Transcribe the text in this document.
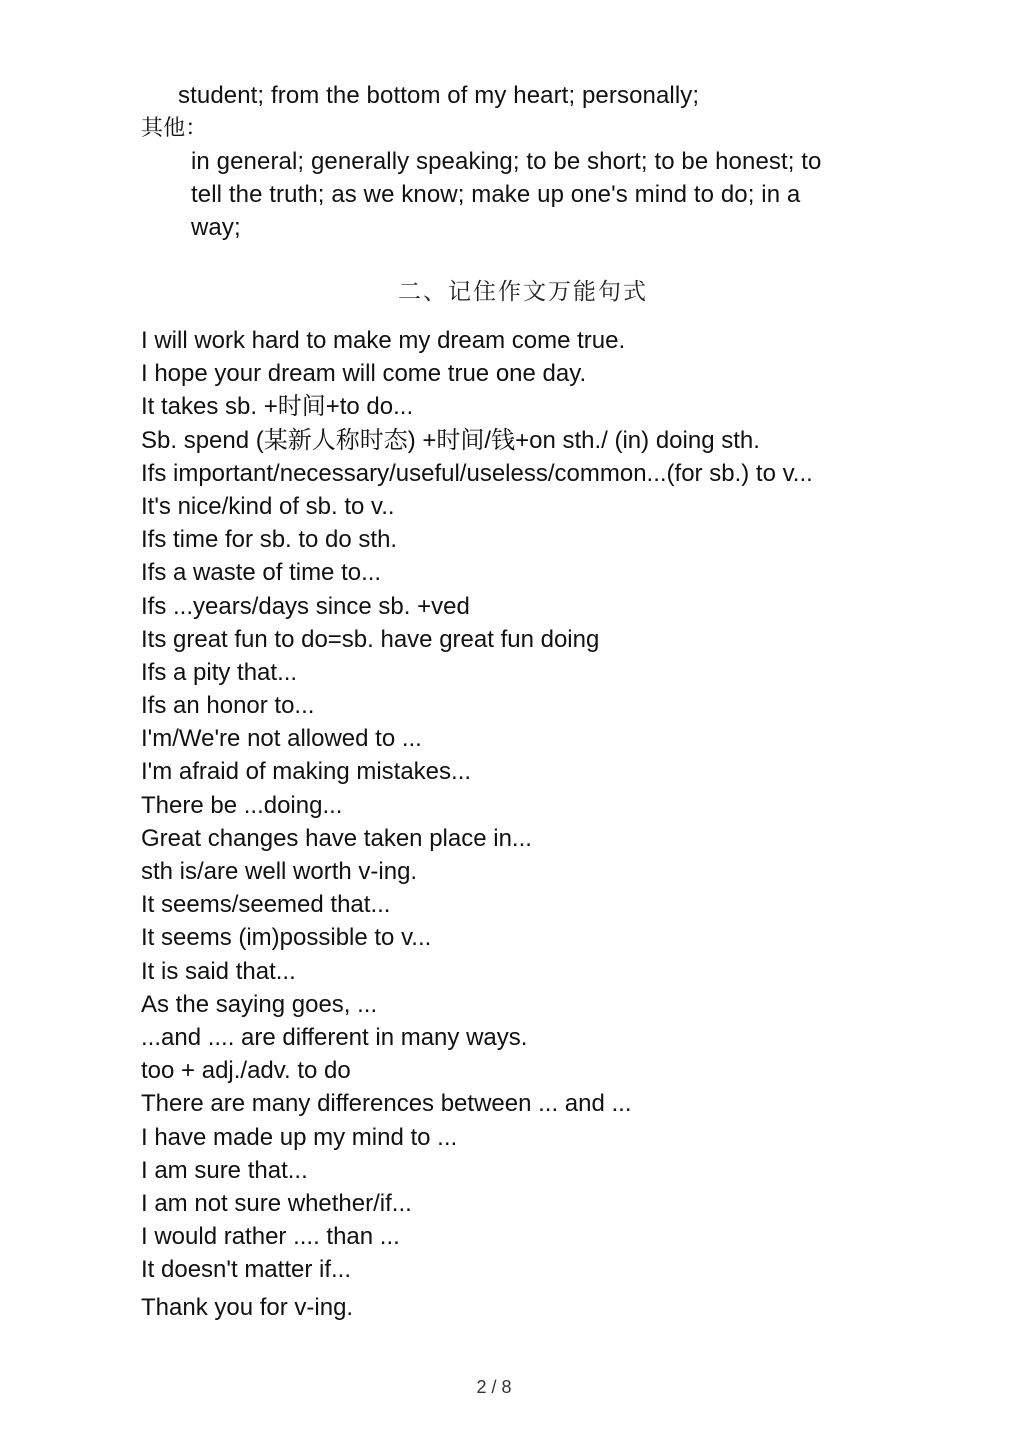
student; from the bottom of my heart; personally;
其他：
in general; generally speaking; to be short; to be honest; to
tell the truth; as we know; make up one's mind to do; in a
way;
二、记住作文万能句式
I will work hard to make my dream come true.
I hope your dream will come true one day.
It takes sb. +时间+to do...
Sb. spend (某新人称时态) +时间/钱+on sth./ (in) doing sth.
Ifs important/necessary/useful/useless/common...(for sb.) to v...
It's nice/kind of sb. to v..
Ifs time for sb. to do sth.
Ifs a waste of time to...
Ifs ...years/days since sb. +ved
Its great fun to do=sb. have great fun doing
Ifs a pity that...
Ifs an honor to...
I'm/We're not allowed to ...
I'm afraid of making mistakes...
There be ...doing...
Great changes have taken place in...
sth is/are well worth v-ing.
It seems/seemed that...
It seems (im)possible to v...
It is said that...
As the saying goes, ...
...and .... are different in many ways.
too + adj./adv. to do
There are many differences between ... and ...
I have made up my mind to ...
I am sure that...
I am not sure whether/if...
I would rather .... than ...
It doesn't matter if...
Thank you for v-ing.
2 / 8
